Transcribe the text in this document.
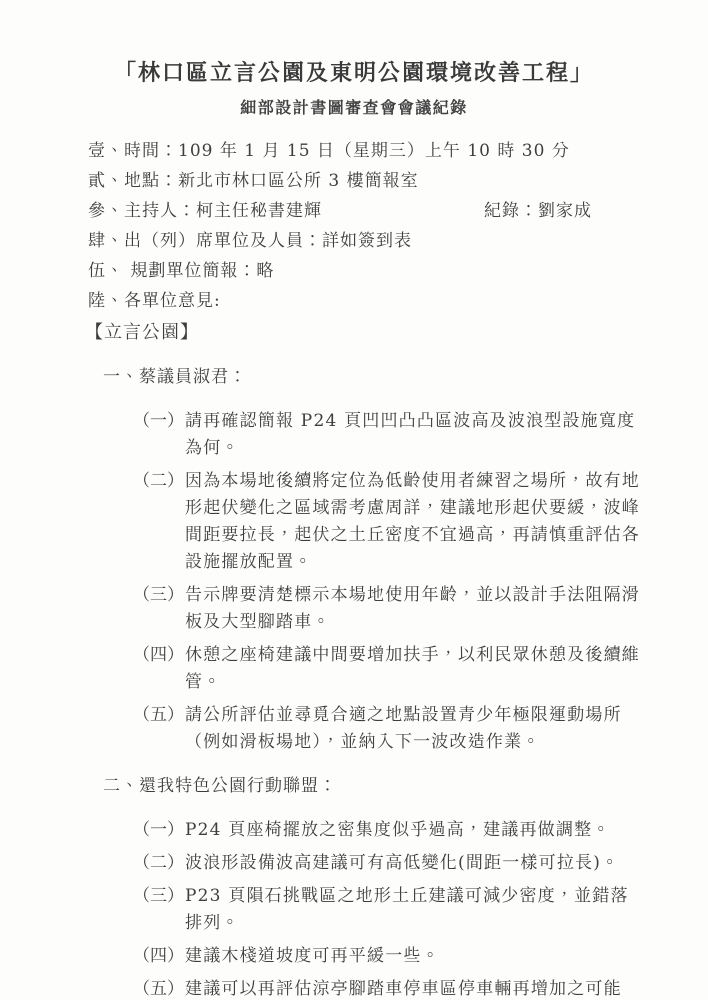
「林口區立言公園及東明公園環境改善工程」
細部設計書圖審查會會議紀錄
壹、時間：109 年 1 月 15 日（星期三）上午 10 時 30 分
貳、地點：新北市林口區公所 3 樓簡報室
參、主持人：柯主任秘書建輝	紀錄：劉家成
肆、出（列）席單位及人員：詳如簽到表
伍、 規劃單位簡報：略
陸、各單位意見:
【立言公園】
一、蔡議員淑君：
（一） 請再確認簡報 P24 頁凹凹凸凸區波高及波浪型設施寬度為何。
（二） 因為本場地後續將定位為低齡使用者練習之場所，故有地形起伏變化之區域需考慮周詳，建議地形起伏要緩，波峰間距要拉長，起伏之土丘密度不宜過高，再請慎重評估各設施擺放配置。
（三） 告示牌要清楚標示本場地使用年齡，並以設計手法阻隔滑板及大型腳踏車。
（四） 休憩之座椅建議中間要增加扶手，以利民眾休憩及後續維管。
（五） 請公所評估並尋覓合適之地點設置青少年極限運動場所（例如滑板場地），並納入下一波改造作業。
二、還我特色公園行動聯盟：
（一） P24 頁座椅擺放之密集度似乎過高，建議再做調整。
（二） 波浪形設備波高建議可有高低變化(間距一樣可拉長)。
（三） P23 頁隕石挑戰區之地形土丘建議可減少密度，並錯落排列。
（四） 建議木棧道坡度可再平緩一些。
（五） 建議可以再評估涼亭腳踏車停車區停車輛再增加之可能
